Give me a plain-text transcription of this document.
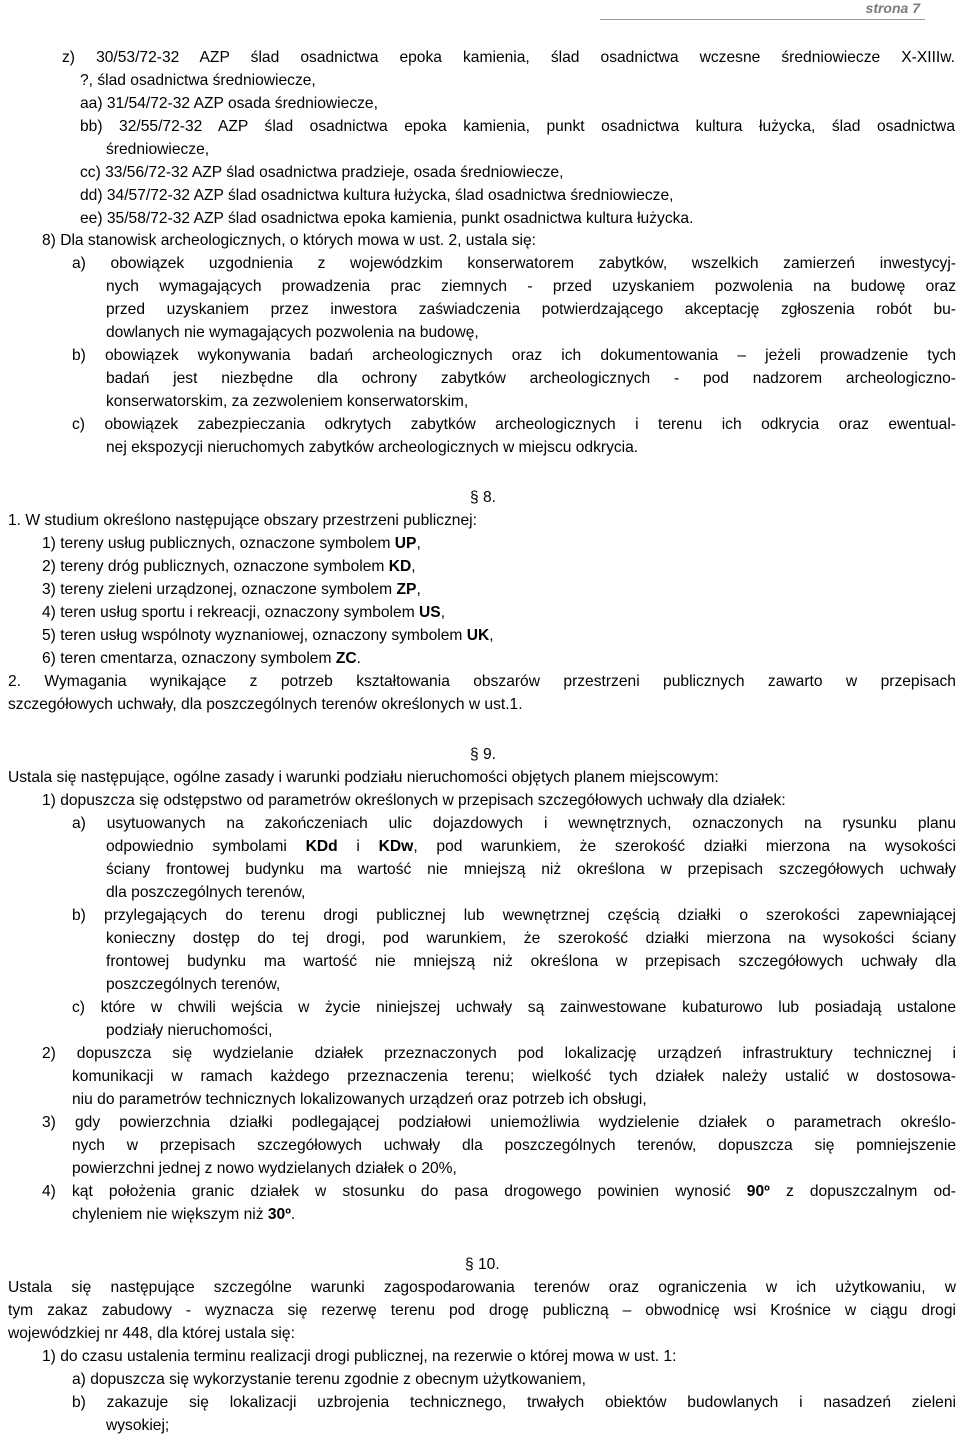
strona 7
z) 30/53/72-32 AZP ślad osadnictwa epoka kamienia, ślad osadnictwa wczesne średniowiecze X-XIIIw.
?, ślad osadnictwa średniowiecze,
aa) 31/54/72-32 AZP osada średniowiecze,
bb) 32/55/72-32 AZP ślad osadnictwa epoka kamienia, punkt osadnictwa kultura łużycka, ślad osadnictwa
średniowiecze,
cc) 33/56/72-32 AZP ślad osadnictwa pradzieje, osada średniowiecze,
dd) 34/57/72-32 AZP ślad osadnictwa kultura łużycka, ślad osadnictwa średniowiecze,
ee) 35/58/72-32 AZP ślad osadnictwa epoka kamienia, punkt osadnictwa kultura łużycka.
8) Dla stanowisk archeologicznych, o których mowa w ust. 2, ustala się:
a) obowiązek uzgodnienia z wojewódzkim konserwatorem zabytków, wszelkich zamierzeń inwestycyj-
nych wymagających prowadzenia prac ziemnych - przed uzyskaniem pozwolenia na budowę oraz
przed uzyskaniem przez inwestora zaświadczenia potwierdzającego akceptację zgłoszenia robót bu-
dowlanych nie wymagających pozwolenia na budowę,
b) obowiązek wykonywania badań archeologicznych oraz ich dokumentowania – jeżeli prowadzenie tych
badań jest niezbędne dla ochrony zabytków archeologicznych - pod nadzorem archeologiczno-
konserwatorskim, za zezwoleniem konserwatorskim,
c) obowiązek zabezpieczania odkrytych zabytków archeologicznych i terenu ich odkrycia oraz ewentual-
nej ekspozycji nieruchomych zabytków archeologicznych w miejscu odkrycia.
§ 8.
1. W studium określono następujące obszary przestrzeni publicznej:
1) tereny usług publicznych, oznaczone symbolem UP,
2) tereny dróg publicznych, oznaczone symbolem KD,
3) tereny zieleni urządzonej, oznaczone symbolem ZP,
4) teren usług sportu i rekreacji, oznaczony symbolem US,
5) teren usług wspólnoty wyznaniowej, oznaczony symbolem UK,
6) teren cmentarza, oznaczony symbolem ZC.
2. Wymagania wynikające z potrzeb kształtowania obszarów przestrzeni publicznych zawarto w przepisach
szczegółowych uchwały, dla poszczególnych terenów określonych w ust.1.
§ 9.
Ustala się następujące, ogólne zasady i warunki podziału nieruchomości objętych planem miejscowym:
1) dopuszcza się odstępstwo od parametrów określonych w przepisach szczegółowych uchwały dla działek:
a) usytuowanych na zakończeniach ulic dojazdowych i wewnętrznych, oznaczonych na rysunku planu
odpowiednio symbolami KDd i KDw, pod warunkiem, że szerokość działki mierzona na wysokości
ściany frontowej budynku ma wartość nie mniejszą niż określona w przepisach szczegółowych uchwały
dla poszczególnych terenów,
b) przylegających do terenu drogi publicznej lub wewnętrznej częścią działki o szerokości zapewniającej
konieczny dostęp do tej drogi, pod warunkiem, że szerokość działki mierzona na wysokości ściany
frontowej budynku ma wartość nie mniejszą niż określona w przepisach szczegółowych uchwały dla
poszczególnych terenów,
c) które w chwili wejścia w życie niniejszej uchwały są zainwestowane kubaturowo lub posiadają ustalone
podziały nieruchomości,
2) dopuszcza się wydzielanie działek przeznaczonych pod lokalizację urządzeń infrastruktury technicznej i
komunikacji w ramach każdego przeznaczenia terenu; wielkość tych działek należy ustalić w dostosowa-
niu do parametrów technicznych lokalizowanych urządzeń oraz potrzeb ich obsługi,
3) gdy powierzchnia działki podlegającej podziałowi uniemożliwia wydzielenie działek o parametrach określo-
nych w przepisach szczegółowych uchwały dla poszczególnych terenów, dopuszcza się pomniejszenie
powierzchni jednej z nowo wydzielanych działek o 20%,
4) kąt położenia granic działek w stosunku do pasa drogowego powinien wynosić 90º z dopuszczalnym od-
chyleniem nie większym niż 30º.
§ 10.
Ustala się następujące szczególne warunki zagospodarowania terenów oraz ograniczenia w ich użytkowaniu, w
tym zakaz zabudowy - wyznacza się rezerwę terenu pod drogę publiczną – obwodnicę wsi Krośnice w ciągu drogi
wojewódzkiej nr 448, dla której ustala się:
1) do czasu ustalenia terminu realizacji drogi publicznej, na rezerwie o której mowa w ust. 1:
a) dopuszcza się wykorzystanie terenu zgodnie z obecnym użytkowaniem,
b) zakazuje się lokalizacji uzbrojenia technicznego, trwałych obiektów budowlanych i nasadzeń zieleni
wysokiej;
